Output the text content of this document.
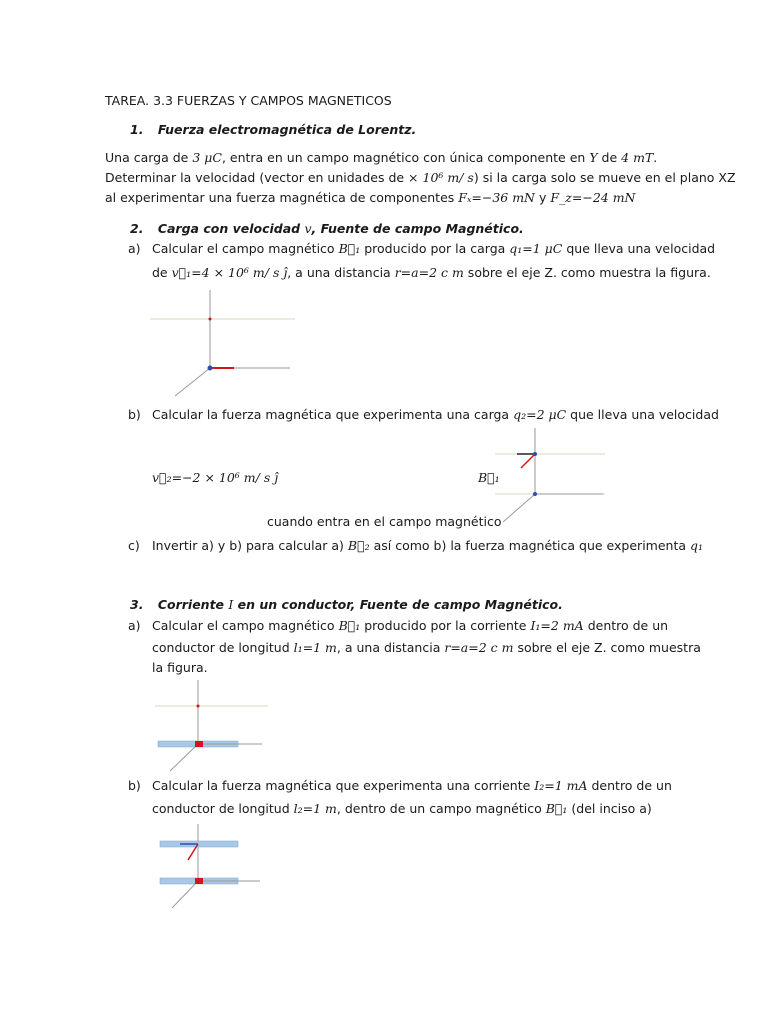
TAREA. 3.3 FUERZAS Y CAMPOS MAGNETICOS
1. Fuerza electromagnética de Lorentz.
Una carga de 3 μC, entra en un campo magnético con única componente en Y de 4 mT.
Determinar la velocidad (vector en unidades de × 10⁶ m/ s) si la carga solo se mueve en el plano XZ
al experimentar una fuerza magnética de componentes Fₓ=−36 mN y F_z=−24 mN
2. Carga con velocidad v, Fuente de campo Magnético.
a) Calcular el campo magnético B⃗₁ producido por la carga q₁=1 μC que lleva una velocidad
de v⃗₁=4 × 10⁶ m/ s ĵ, a una distancia r=a=2 c m sobre el eje Z. como muestra la figura.
b) Calcular la fuerza magnética que experimenta una carga q₂=2 μC que lleva una velocidad
v⃗₂=−2 × 10⁶ m/ s ĵ	B⃗₁
cuando entra en el campo magnético
c) Invertir a) y b) para calcular a) B⃗₂ así como b) la fuerza magnética que experimenta q₁
3. Corriente I en un conductor, Fuente de campo Magnético.
a) Calcular el campo magnético B⃗₁ producido por la corriente I₁=2 mA dentro de un
conductor de longitud l₁=1 m, a una distancia r=a=2 c m sobre el eje Z. como muestra
la figura.
b) Calcular la fuerza magnética que experimenta una corriente I₂=1 mA dentro de un
conductor de longitud l₂=1 m, dentro de un campo magnético B⃗₁ (del inciso a)
